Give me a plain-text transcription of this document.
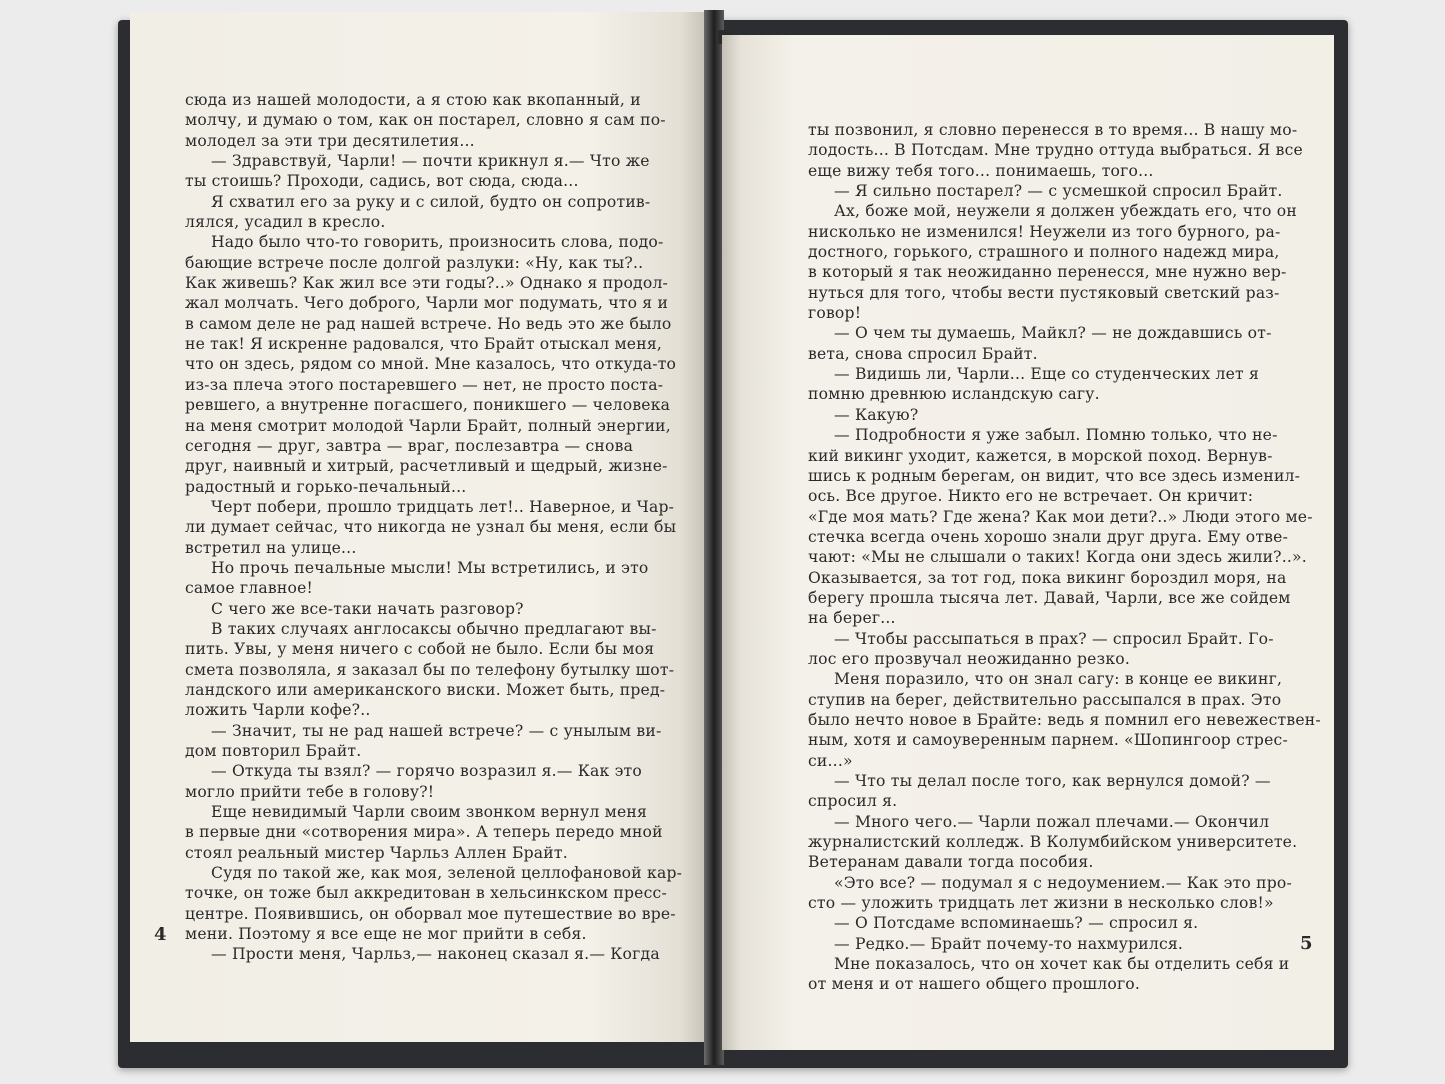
сюда из нашей молодости, а я стою как вкопанный, и
молчу, и думаю о том, как он постарел, словно я сам по-
молодел за эти три десятилетия...
— Здравствуй, Чарли! — почти крикнул я.— Что же
ты стоишь? Проходи, садись, вот сюда, сюда...
Я схватил его за руку и с силой, будто он сопротив-
лялся, усадил в кресло.
Надо было что-то говорить, произносить слова, подо-
бающие встрече после долгой разлуки: «Ну, как ты?..
Как живешь? Как жил все эти годы?..» Однако я продол-
жал молчать. Чего доброго, Чарли мог подумать, что я и
в самом деле не рад нашей встрече. Но ведь это же было
не так! Я искренне радовался, что Брайт отыскал меня,
что он здесь, рядом со мной. Мне казалось, что откуда-то
из-за плеча этого постаревшего — нет, не просто поста-
ревшего, а внутренне погасшего, поникшего — человека
на меня смотрит молодой Чарли Брайт, полный энергии,
сегодня — друг, завтра — враг, послезавтра — снова
друг, наивный и хитрый, расчетливый и щедрый, жизне-
радостный и горько-печальный...
Черт побери, прошло тридцать лет!.. Наверное, и Чар-
ли думает сейчас, что никогда не узнал бы меня, если бы
встретил на улице...
Но прочь печальные мысли! Мы встретились, и это
самое главное!
С чего же все-таки начать разговор?
В таких случаях англосаксы обычно предлагают вы-
пить. Увы, у меня ничего с собой не было. Если бы моя
смета позволяла, я заказал бы по телефону бутылку шот-
ландского или американского виски. Может быть, пред-
ложить Чарли кофе?..
— Значит, ты не рад нашей встрече? — с унылым ви-
дом повторил Брайт.
— Откуда ты взял? — горячо возразил я.— Как это
могло прийти тебе в голову?!
Еще невидимый Чарли своим звонком вернул меня
в первые дни «сотворения мира». А теперь передо мной
стоял реальный мистер Чарльз Аллен Брайт.
Судя по такой же, как моя, зеленой целлофановой кар-
точке, он тоже был аккредитован в хельсинкском пресс-
центре. Появившись, он оборвал мое путешествие во вре-
мени. Поэтому я все еще не мог прийти в себя.
— Прости меня, Чарльз,— наконец сказал я.— Когда
4
ты позвонил, я словно перенесся в то время... В нашу мо-
лодость... В Потсдам. Мне трудно оттуда выбраться. Я все
еще вижу тебя того... понимаешь, того...
— Я сильно постарел? — с усмешкой спросил Брайт.
Ах, боже мой, неужели я должен убеждать его, что он
нисколько не изменился! Неужели из того бурного, ра-
достного, горького, страшного и полного надежд мира,
в который я так неожиданно перенесся, мне нужно вер-
нуться для того, чтобы вести пустяковый светский раз-
говор!
— О чем ты думаешь, Майкл? — не дождавшись от-
вета, снова спросил Брайт.
— Видишь ли, Чарли... Еще со студенческих лет я
помню древнюю исландскую сагу.
— Какую?
— Подробности я уже забыл. Помню только, что не-
кий викинг уходит, кажется, в морской поход. Вернув-
шись к родным берегам, он видит, что все здесь изменил-
ось. Все другое. Никто его не встречает. Он кричит:
«Где моя мать? Где жена? Как мои дети?..» Люди этого ме-
стечка всегда очень хорошо знали друг друга. Ему отве-
чают: «Мы не слышали о таких! Когда они здесь жили?..».
Оказывается, за тот год, пока викинг бороздил моря, на
берегу прошла тысяча лет. Давай, Чарли, все же сойдем
на берег...
— Чтобы рассыпаться в прах? — спросил Брайт. Го-
лос его прозвучал неожиданно резко.
Меня поразило, что он знал сагу: в конце ее викинг,
ступив на берег, действительно рассыпался в прах. Это
было нечто новое в Брайте: ведь я помнил его невежествен-
ным, хотя и самоуверенным парнем. «Шопингоор стрес-
си...»
— Что ты делал после того, как вернулся домой? —
спросил я.
— Много чего.— Чарли пожал плечами.— Окончил
журналистский колледж. В Колумбийском университете.
Ветеранам давали тогда пособия.
«Это все? — подумал я с недоумением.— Как это про-
сто — уложить тридцать лет жизни в несколько слов!»
— О Потсдаме вспоминаешь? — спросил я.
— Редко.— Брайт почему-то нахмурился.
Мне показалось, что он хочет как бы отделить себя и
от меня и от нашего общего прошлого.
5
